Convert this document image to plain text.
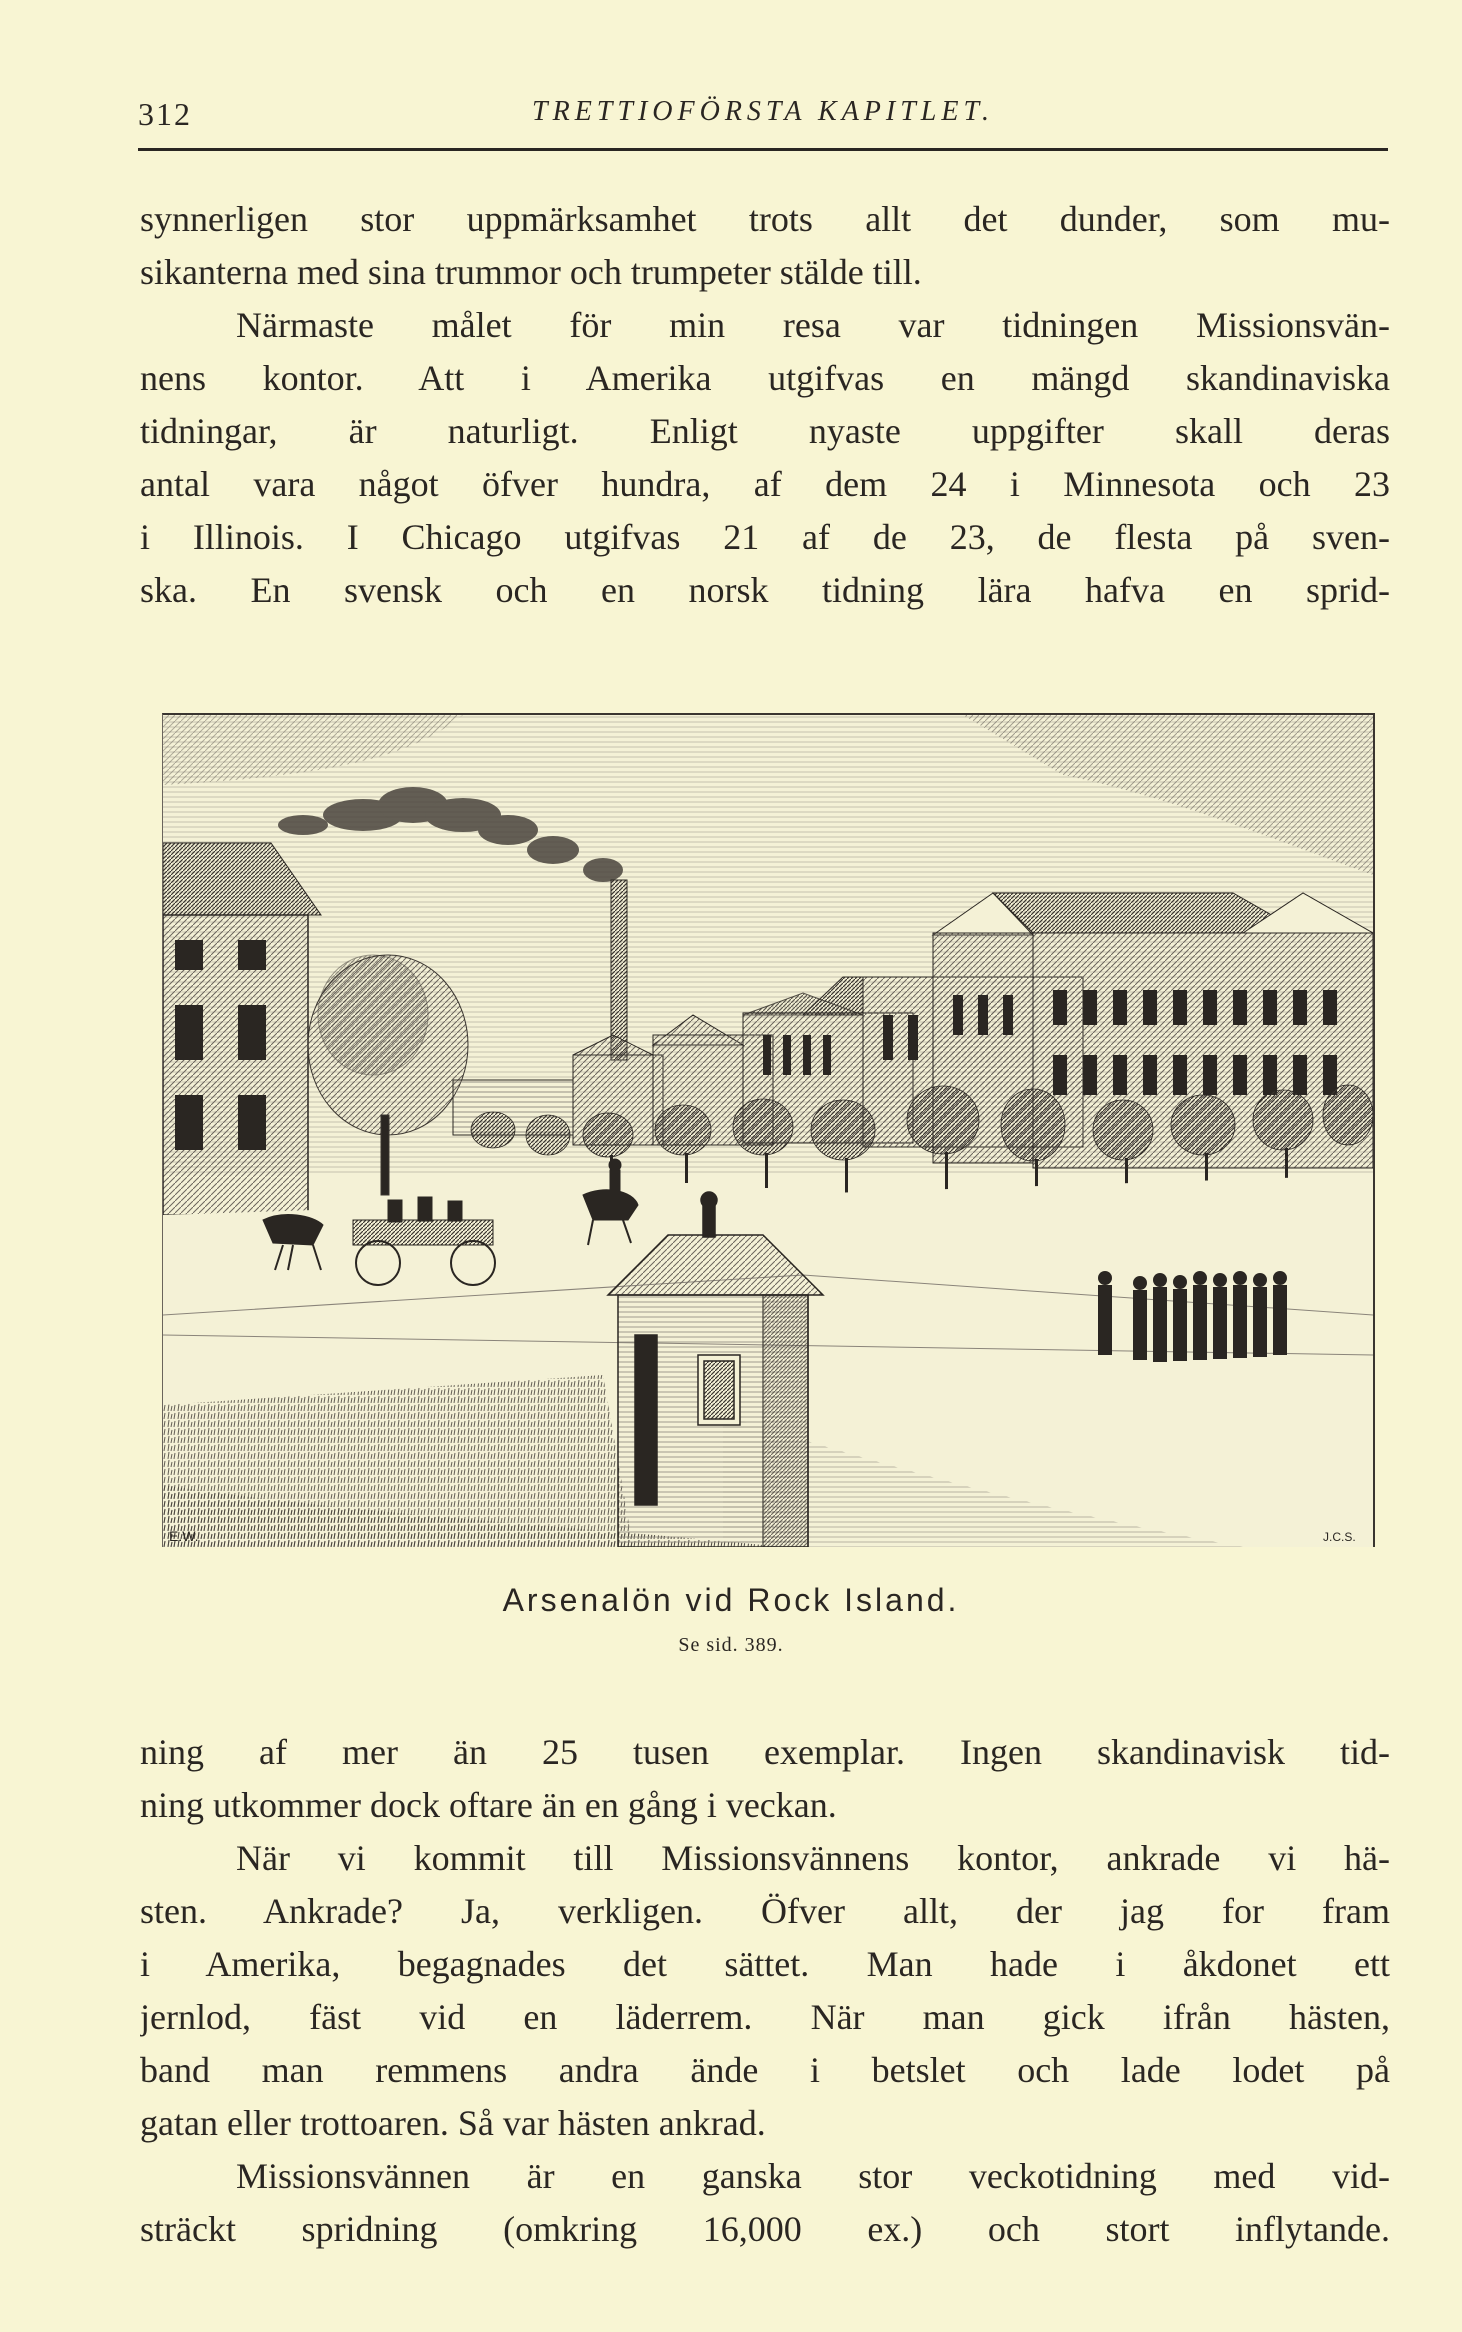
312	TRETTIOFÖRSTA KAPITLET.
synnerligen stor uppmärksamhet trots allt det dunder, som mu-
sikanterna med sina trummor och trumpeter stälde till.
Närmaste målet för min resa var tidningen Missionsvän-
nens kontor. Att i Amerika utgifvas en mängd skandinaviska
tidningar, är naturligt. Enligt nyaste uppgifter skall deras
antal vara något öfver hundra, af dem 24 i Minnesota och 23
i Illinois. I Chicago utgifvas 21 af de 23, de flesta på sven-
ska. En svensk och en norsk tidning lära hafva en sprid-
E.W.	J.C.S.
Arsenalön vid Rock Island.
Se sid. 389.
ning af mer än 25 tusen exemplar. Ingen skandinavisk tid-
ning utkommer dock oftare än en gång i veckan.
När vi kommit till Missionsvännens kontor, ankrade vi hä-
sten. Ankrade? Ja, verkligen. Öfver allt, der jag for fram
i Amerika, begagnades det sättet. Man hade i åkdonet ett
jernlod, fäst vid en läderrem. När man gick ifrån hästen,
band man remmens andra ände i betslet och lade lodet på
gatan eller trottoaren. Så var hästen ankrad.
Missionsvännen är en ganska stor veckotidning med vid-
sträckt spridning (omkring 16,000 ex.) och stort inflytande.
